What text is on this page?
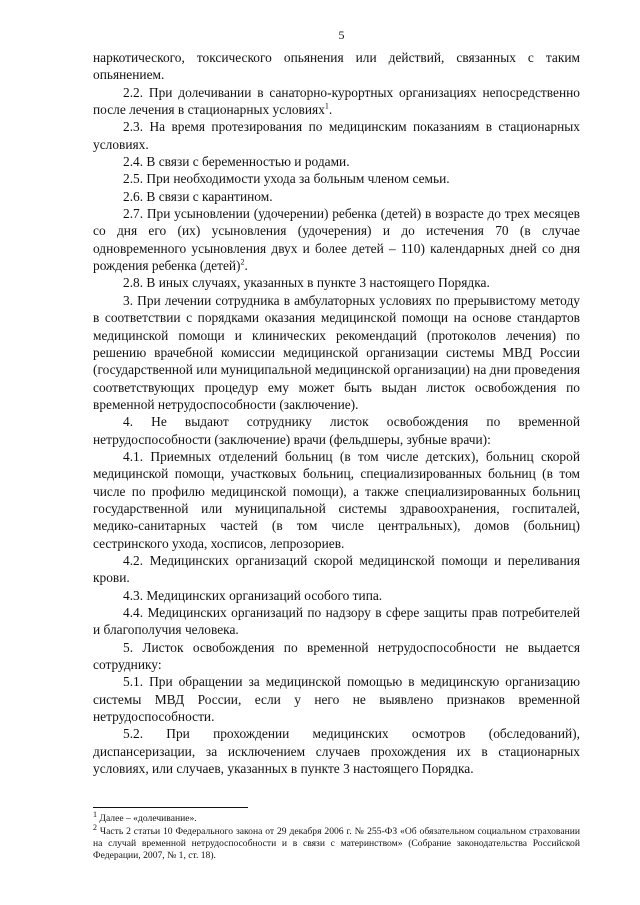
5

наркотического, токсического опьянения или действий, связанных с таким опьянением.

2.2. При долечивании в санаторно-курортных организациях непосредственно после лечения в стационарных условиях$^1$.

2.3. На время протезирования по медицинским показаниям в стационарных условиях.

2.4. В связи с беременностью и родами.

2.5. При необходимости ухода за больным членом семьи.

2.6. В связи с карантином.

2.7. При усыновлении (удочерении) ребенка (детей) в возрасте до трех месяцев со дня его (их) усыновления (удочерения) и до истечения 70 (в случае одновременного усыновления двух и более детей – 110) календарных дней со дня рождения ребенка (детей)$^2$.

2.8. В иных случаях, указанных в пункте 3 настоящего Порядка.

3. При лечении сотрудника в амбулаторных условиях по прерывистому методу в соответствии с порядками оказания медицинской помощи на основе стандартов медицинской помощи и клинических рекомендаций (протоколов лечения) по решению врачебной комиссии медицинской организации системы МВД России (государственной или муниципальной медицинской организации) на дни проведения соответствующих процедур ему может быть выдан листок освобождения по временной нетрудоспособности (заключение).

4. Не выдают сотруднику листок освобождения по временной нетрудоспособности (заключение) врачи (фельдшеры, зубные врачи):

4.1. Приемных отделений больниц (в том числе детских), больниц скорой медицинской помощи, участковых больниц, специализированных больниц (в том числе по профилю медицинской помощи), а также специализированных больниц государственной или муниципальной системы здравоохранения, госпиталей, медико-санитарных частей (в том числе центральных), домов (больниц) сестринского ухода, хосписов, лепрозориев.

4.2. Медицинских организаций скорой медицинской помощи и переливания крови.

4.3. Медицинских организаций особого типа.

4.4. Медицинских организаций по надзору в сфере защиты прав потребителей и благополучия человека.

5. Листок освобождения по временной нетрудоспособности не выдается сотруднику:

5.1. При обращении за медицинской помощью в медицинскую организацию системы МВД России, если у него не выявлено признаков временной нетрудоспособности.

5.2. При прохождении медицинских осмотров (обследований), диспансеризации, за исключением случаев прохождения их в стационарных условиях, или случаев, указанных в пункте 3 настоящего Порядка.

$^1$ Далее – «долечивание».

$^2$ Часть 2 статьи 10 Федерального закона от 29 декабря 2006 г. № 255-ФЗ «Об обязательном социальном страховании на случай временной нетрудоспособности и в связи с материнством» (Собрание законодательства Российской Федерации, 2007, № 1, ст. 18).
